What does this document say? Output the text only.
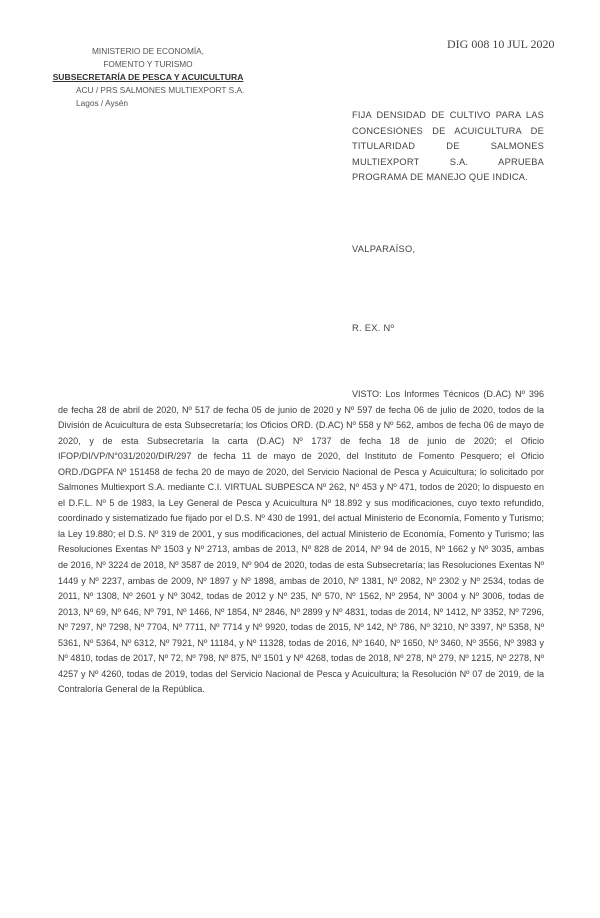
DIG 008 10 JUL 2020
MINISTERIO DE ECONOMÍA,
FOMENTO Y TURISMO
SUBSECRETARÍA DE PESCA Y ACUICULTURA
ACU / PRS SALMONES MULTIEXPORT S.A.
Lagos / Aysén
FIJA DENSIDAD DE CULTIVO PARA LAS CONCESIONES DE ACUICULTURA DE TITULARIDAD DE SALMONES MULTIEXPORT S.A. APRUEBA PROGRAMA DE MANEJO QUE INDICA.
VALPARAÍSO,
R. EX. Nº
VISTO: Los Informes Técnicos (D.AC) Nº 396 de fecha 28 de abril de 2020, Nº 517 de fecha 05 de junio de 2020 y Nº 597 de fecha 06 de julio de 2020, todos de la División de Acuicultura de esta Subsecretaría; los Oficios ORD. (D.AC) Nº 558 y Nº 562, ambos de fecha 06 de mayo de 2020, y de esta Subsecretaría la carta (D.AC) Nº 1737 de fecha 18 de junio de 2020; el Oficio IFOP/DI/VP/N°031/2020/DIR/297 de fecha 11 de mayo de 2020, del Instituto de Fomento Pesquero; el Oficio ORD./DGPFA Nº 151458 de fecha 20 de mayo de 2020, del Servicio Nacional de Pesca y Acuicultura; lo solicitado por Salmones Multiexport S.A. mediante C.I. VIRTUAL SUBPESCA Nº 262, Nº 453 y Nº 471, todos de 2020; lo dispuesto en el D.F.L. Nº 5 de 1983, la Ley General de Pesca y Acuicultura Nº 18.892 y sus modificaciones, cuyo texto refundido, coordinado y sistematizado fue fijado por el D.S. Nº 430 de 1991, del actual Ministerio de Economía, Fomento y Turismo; la Ley 19.880; el D.S. Nº 319 de 2001, y sus modificaciones, del actual Ministerio de Economía, Fomento y Turismo; las Resoluciones Exentas Nº 1503 y Nº 2713, ambas de 2013, Nº 828 de 2014, Nº 94 de 2015, Nº 1662 y Nº 3035, ambas de 2016, Nº 3224 de 2018, Nº 3587 de 2019, Nº 904 de 2020, todas de esta Subsecretaría; las Resoluciones Exentas Nº 1449 y Nº 2237, ambas de 2009, Nº 1897 y Nº 1898, ambas de 2010, Nº 1381, Nº 2082, Nº 2302 y Nº 2534, todas de 2011, Nº 1308, Nº 2601 y Nº 3042, todas de 2012 y Nº 235, Nº 570, Nº 1562, Nº 2954, Nº 3004 y Nº 3006, todas de 2013, Nº 69, Nº 646, Nº 791, Nº 1466, Nº 1854, Nº 2846, Nº 2899 y Nº 4831, todas de 2014, Nº 1412, Nº 3352, Nº 7296, Nº 7297, Nº 7298, Nº 7704, Nº 7711, Nº 7714 y Nº 9920, todas de 2015, Nº 142, Nº 786, Nº 3210, Nº 3397, Nº 5358, Nº 5361, Nº 5364, Nº 6312, Nº 7921, Nº 11184, y Nº 11328, todas de 2016, Nº 1640, Nº 1650, Nº 3460, Nº 3556, Nº 3983 y Nº 4810, todas de 2017, Nº 72, Nº 798, Nº 875, Nº 1501 y Nº 4268, todas de 2018, Nº 278, Nº 279, Nº 1215, Nº 2278, Nº 4257 y Nº 4260, todas de 2019, todas del Servicio Nacional de Pesca y Acuicultura; la Resolución Nº 07 de 2019, de la Contraloría General de la República.
